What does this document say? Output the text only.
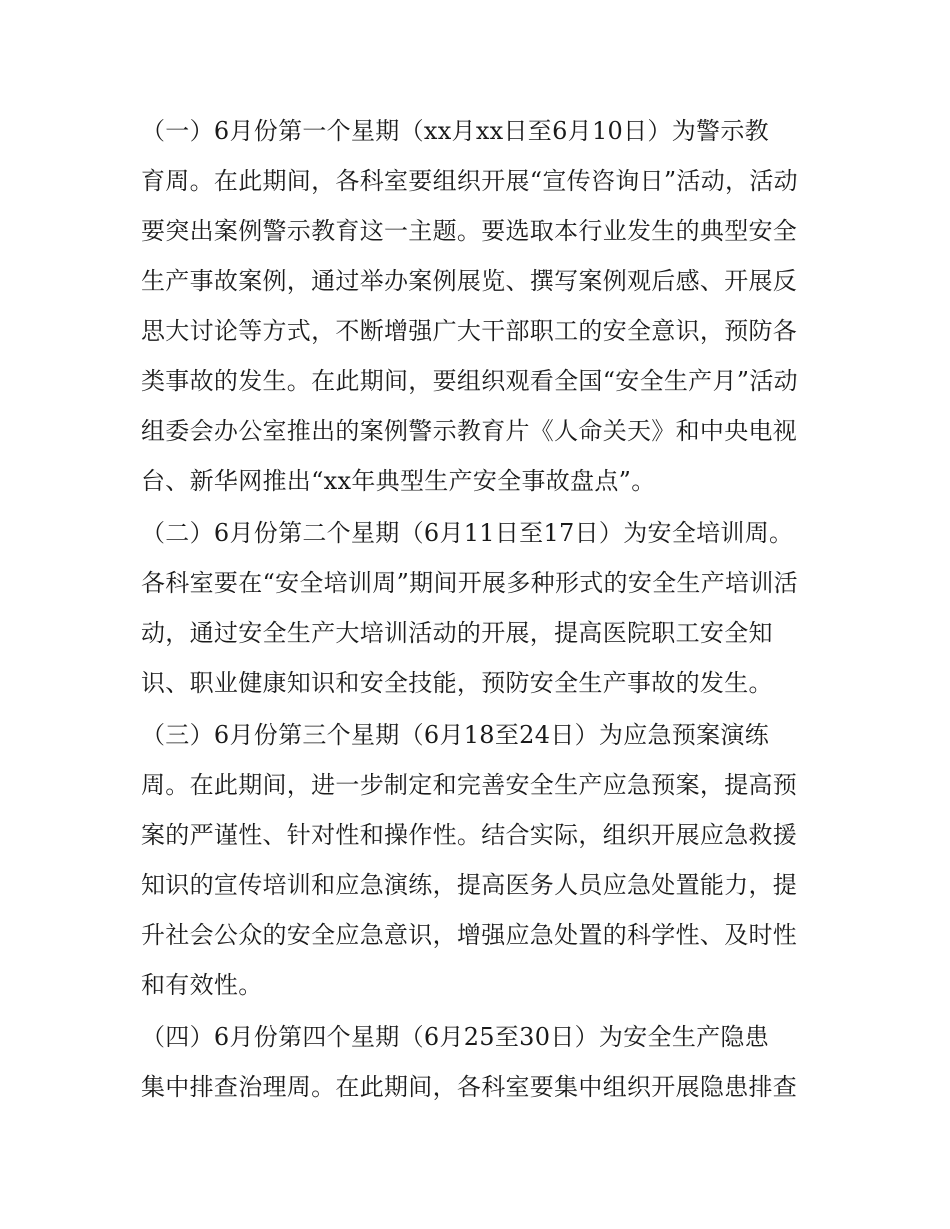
（一）6月份第一个星期（xx月xx日至6月10日）为警示教
育周。在此期间，各科室要组织开展“宣传咨询日”活动，活动
要突出案例警示教育这一主题。要选取本行业发生的典型安全
生产事故案例，通过举办案例展览、撰写案例观后感、开展反
思大讨论等方式，不断增强广大干部职工的安全意识，预防各
类事故的发生。在此期间，要组织观看全国“安全生产月”活动
组委会办公室推出的案例警示教育片《人命关天》和中央电视
台、新华网推出“xx年典型生产安全事故盘点”。
（二）6月份第二个星期（6月11日至17日）为安全培训周。
各科室要在“安全培训周”期间开展多种形式的安全生产培训活
动，通过安全生产大培训活动的开展，提高医院职工安全知
识、职业健康知识和安全技能，预防安全生产事故的发生。
（三）6月份第三个星期（6月18至24日）为应急预案演练
周。在此期间，进一步制定和完善安全生产应急预案，提高预
案的严谨性、针对性和操作性。结合实际，组织开展应急救援
知识的宣传培训和应急演练，提高医务人员应急处置能力，提
升社会公众的安全应急意识，增强应急处置的科学性、及时性
和有效性。
（四）6月份第四个星期（6月25至30日）为安全生产隐患
集中排查治理周。在此期间，各科室要集中组织开展隐患排查
